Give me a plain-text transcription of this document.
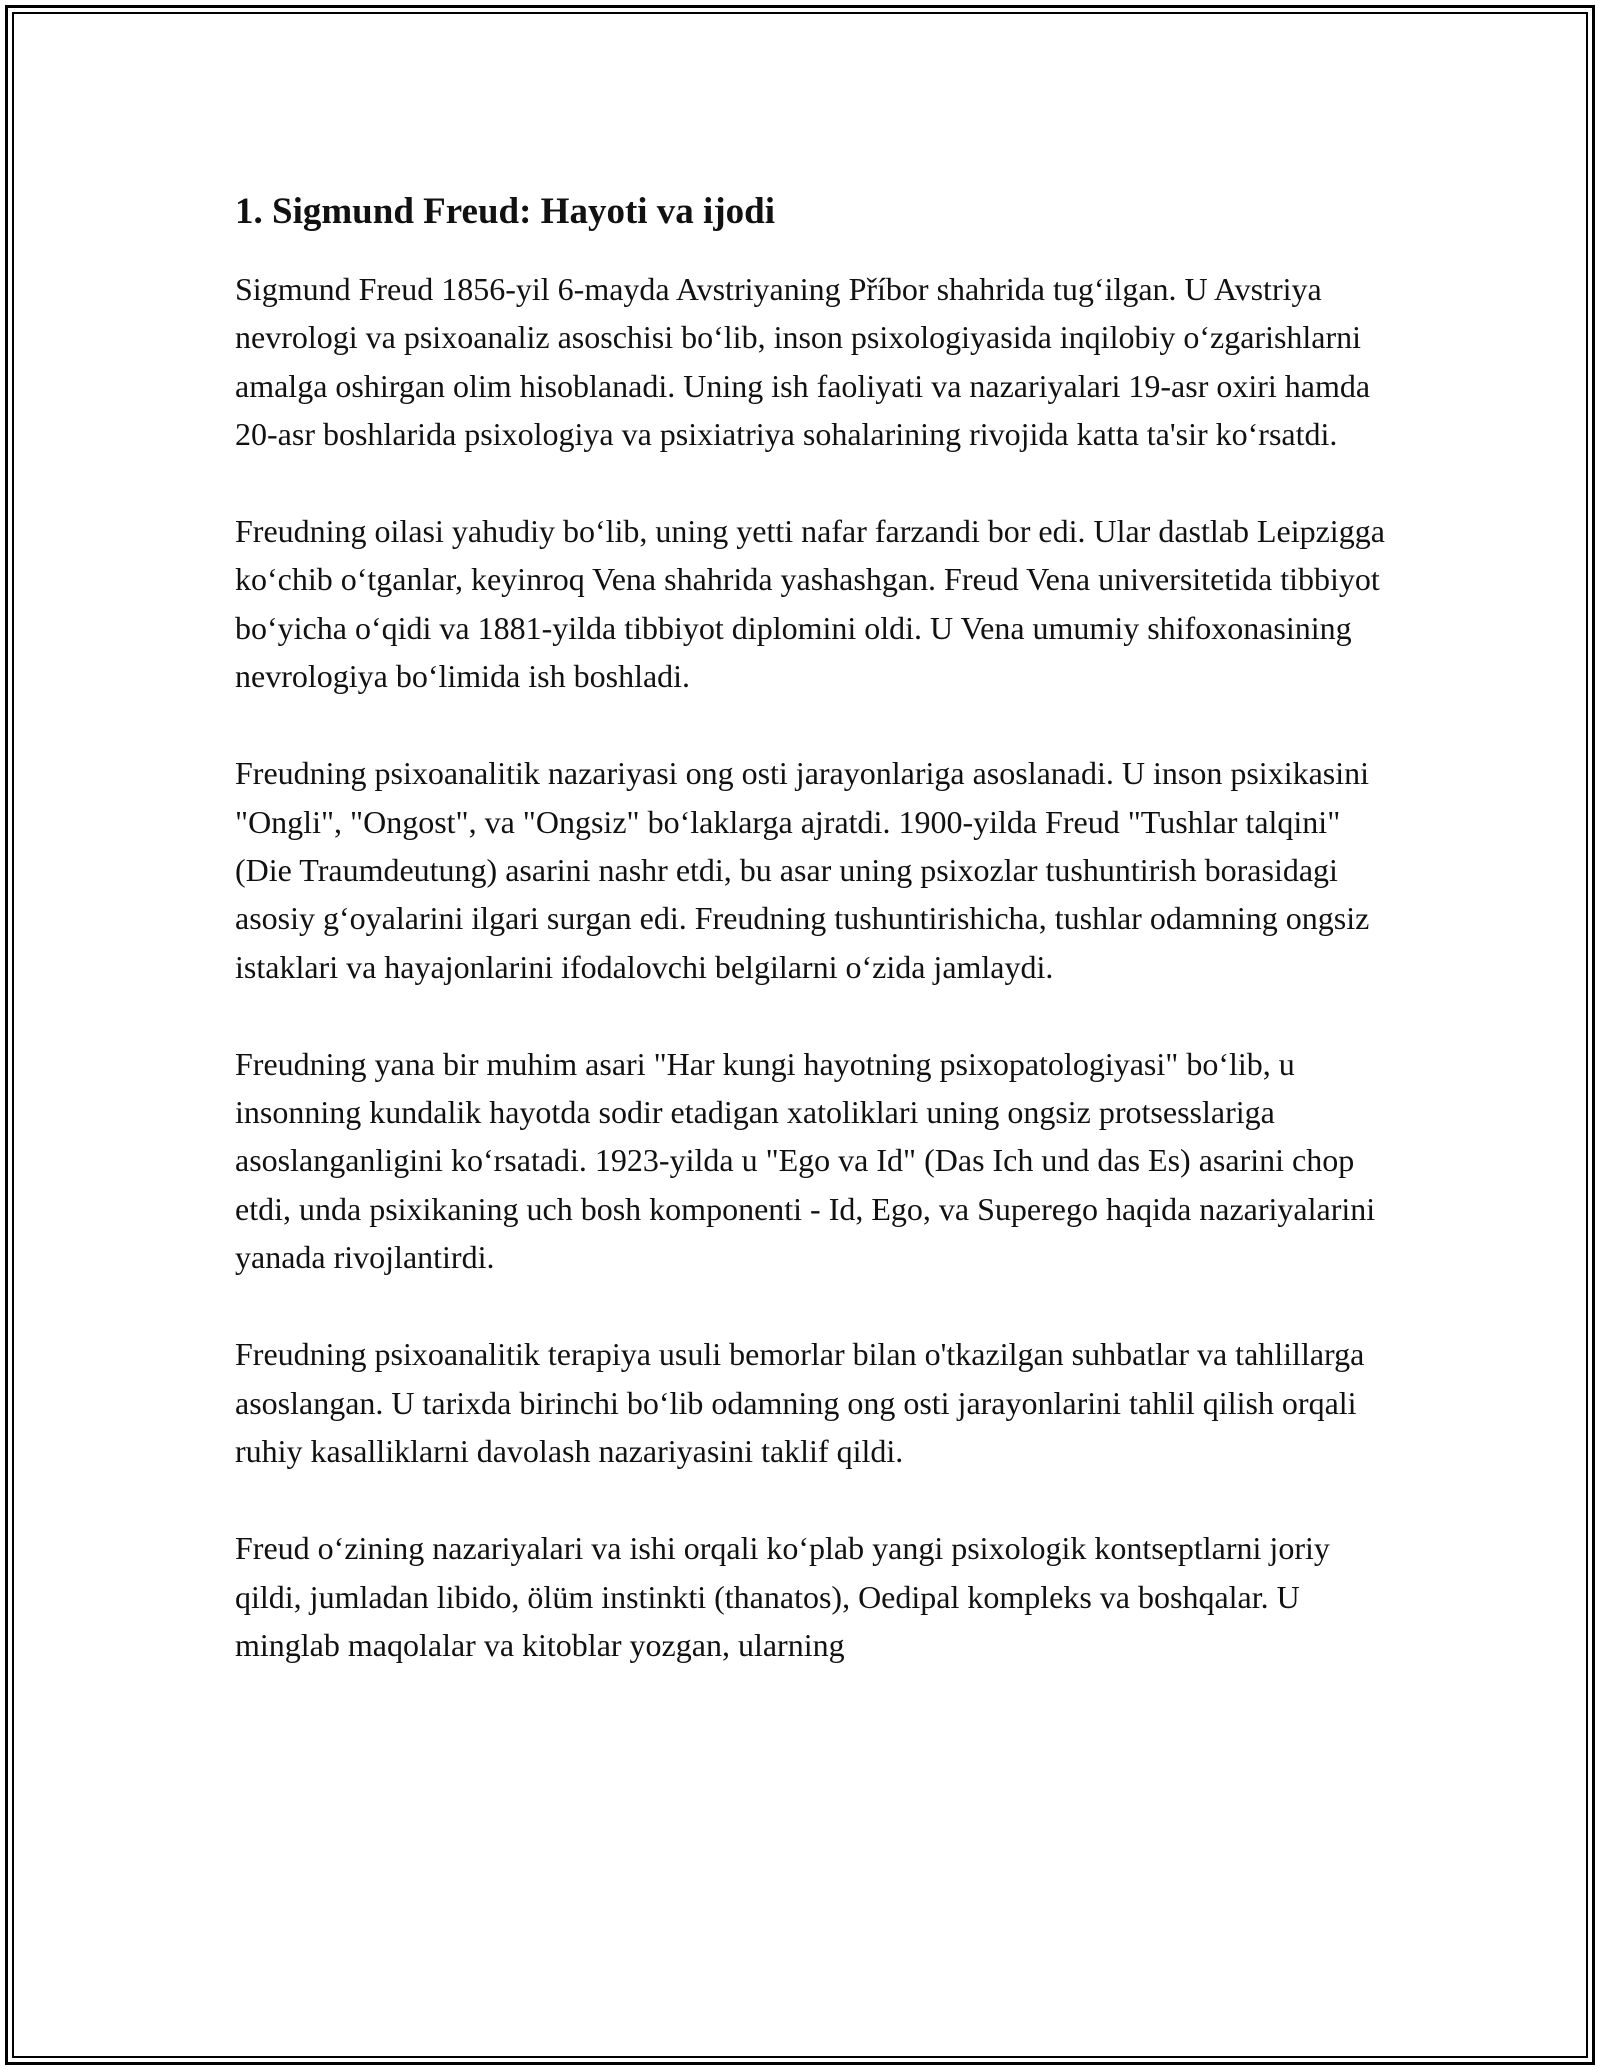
1. Sigmund Freud: Hayoti va ijodi

Sigmund Freud 1856-yil 6-mayda Avstriyaning Příbor shahrida tug‘ilgan. U Avstriya nevrologi va psixoanaliz asoschisi bo‘lib, inson psixologiyasida inqilobiy o‘zgarishlarni amalga oshirgan olim hisoblanadi. Uning ish faoliyati va nazariyalari 19-asr oxiri hamda 20-asr boshlarida psixologiya va psixiatriya sohalarining rivojida katta ta'sir ko‘rsatdi.

Freudning oilasi yahudiy bo‘lib, uning yetti nafar farzandi bor edi. Ular dastlab Leipzigga ko‘chib o‘tganlar, keyinroq Vena shahrida yashashgan. Freud Vena universitetida tibbiyot bo‘yicha o‘qidi va 1881-yilda tibbiyot diplomini oldi. U Vena umumiy shifoxonasining nevrologiya bo‘limida ish boshladi.

Freudning psixoanalitik nazariyasi ong osti jarayonlariga asoslanadi. U inson psixikasini "Ongli", "Ongost", va "Ongsiz" bo‘laklarga ajratdi. 1900-yilda Freud "Tushlar talqini" (Die Traumdeutung) asarini nashr etdi, bu asar uning psixozlar tushuntirish borasidagi asosiy g‘oyalarini ilgari surgan edi. Freudning tushuntirishicha, tushlar odamning ongsiz istaklari va hayajonlarini ifodalovchi belgilarni o‘zida jamlaydi.

Freudning yana bir muhim asari "Har kungi hayotning psixopatologiyasi" bo‘lib, u insonning kundalik hayotda sodir etadigan xatoliklari uning ongsiz protsesslariga asoslanganligini ko‘rsatadi. 1923-yilda u "Ego va Id" (Das Ich und das Es) asarini chop etdi, unda psixikaning uch bosh komponenti - Id, Ego, va Superego haqida nazariyalarini yanada rivojlantirdi.

Freudning psixoanalitik terapiya usuli bemorlar bilan o'tkazilgan suhbatlar va tahlillarga asoslangan. U tarixda birinchi bo‘lib odamning ong osti jarayonlarini tahlil qilish orqali ruhiy kasalliklarni davolash nazariyasini taklif qildi.

Freud o‘zining nazariyalari va ishi orqali ko‘plab yangi psixologik kontseptlarni joriy qildi, jumladan libido, ölüm instinkti (thanatos), Oedipal kompleks va boshqalar. U minglab maqolalar va kitoblar yozgan, ularning
